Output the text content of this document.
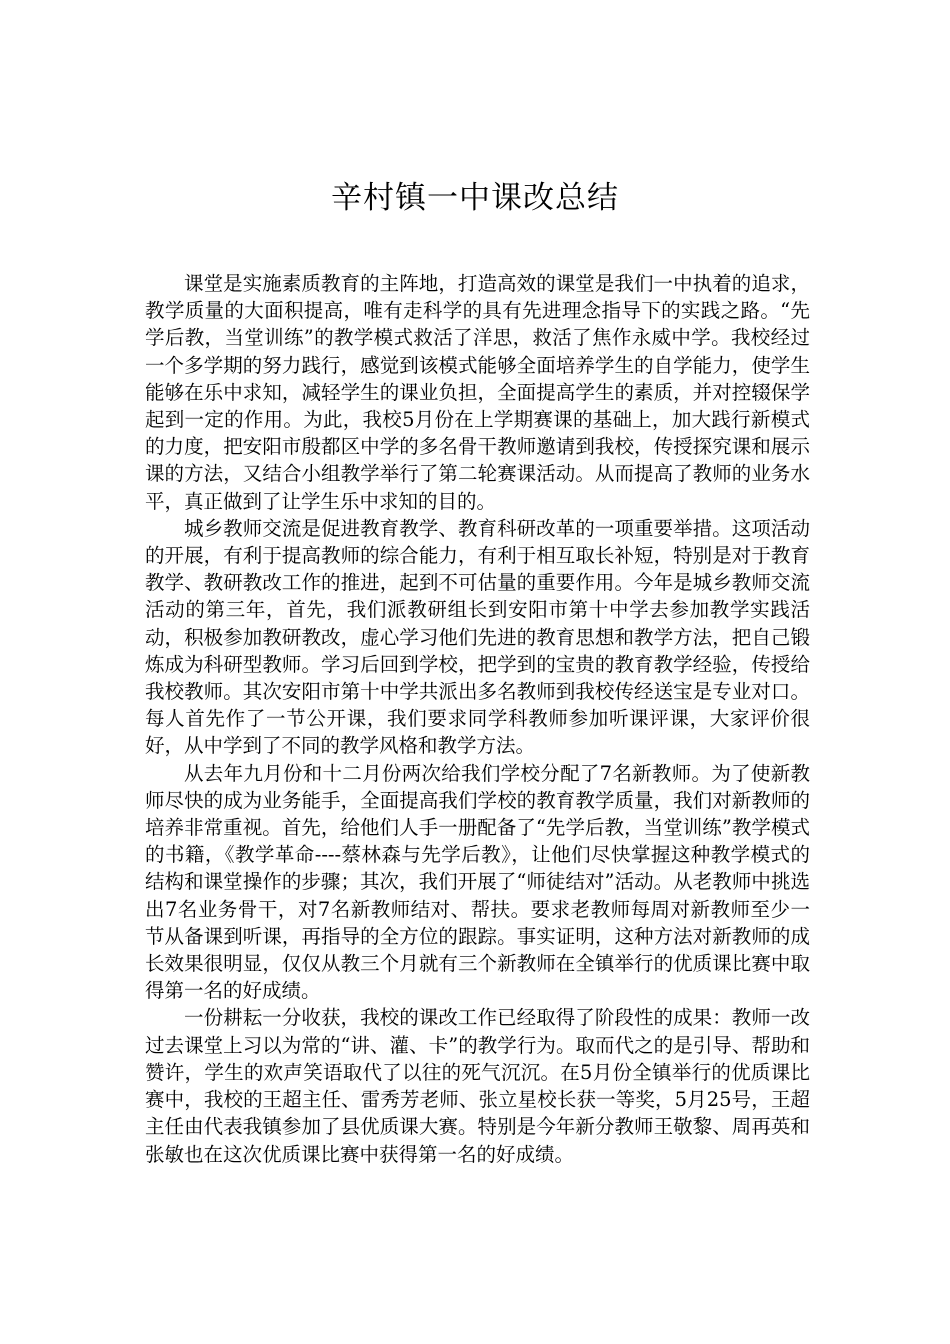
辛村镇一中课改总结

课堂是实施素质教育的主阵地，打造高效的课堂是我们一中执着的追求，教学质量的大面积提高，唯有走科学的具有先进理念指导下的实践之路。“先学后教，当堂训练”的教学模式救活了洋思，救活了焦作永威中学。我校经过一个多学期的努力践行，感觉到该模式能够全面培养学生的自学能力，使学生能够在乐中求知，减轻学生的课业负担，全面提高学生的素质，并对控辍保学起到一定的作用。为此，我校5月份在上学期赛课的基础上，加大践行新模式的力度，把安阳市殷都区中学的多名骨干教师邀请到我校，传授探究课和展示课的方法，又结合小组教学举行了第二轮赛课活动。从而提高了教师的业务水平，真正做到了让学生乐中求知的目的。

城乡教师交流是促进教育教学、教育科研改革的一项重要举措。这项活动的开展，有利于提高教师的综合能力，有利于相互取长补短，特别是对于教育教学、教研教改工作的推进，起到不可估量的重要作用。今年是城乡教师交流活动的第三年，首先，我们派教研组长到安阳市第十中学去参加教学实践活动，积极参加教研教改，虚心学习他们先进的教育思想和教学方法，把自己锻炼成为科研型教师。学习后回到学校，把学到的宝贵的教育教学经验，传授给我校教师。其次安阳市第十中学共派出多名教师到我校传经送宝是专业对口。每人首先作了一节公开课，我们要求同学科教师参加听课评课，大家评价很好，从中学到了不同的教学风格和教学方法。

从去年九月份和十二月份两次给我们学校分配了7名新教师。为了使新教师尽快的成为业务能手，全面提高我们学校的教育教学质量，我们对新教师的培养非常重视。首先，给他们人手一册配备了“先学后教，当堂训练”教学模式的书籍，《教学革命----蔡林森与先学后教》，让他们尽快掌握这种教学模式的结构和课堂操作的步骤；其次，我们开展了“师徒结对”活动。从老教师中挑选出7名业务骨干，对7名新教师结对、帮扶。要求老教师每周对新教师至少一节从备课到听课，再指导的全方位的跟踪。事实证明，这种方法对新教师的成长效果很明显，仅仅从教三个月就有三个新教师在全镇举行的优质课比赛中取得第一名的好成绩。

一份耕耘一分收获，我校的课改工作已经取得了阶段性的成果：教师一改过去课堂上习以为常的“讲、灌、卡”的教学行为。取而代之的是引导、帮助和赞许，学生的欢声笑语取代了以往的死气沉沉。在5月份全镇举行的优质课比赛中，我校的王超主任、雷秀芳老师、张立星校长获一等奖，5月25号，王超主任由代表我镇参加了县优质课大赛。特别是今年新分教师王敬黎、周再英和张敏也在这次优质课比赛中获得第一名的好成绩。
